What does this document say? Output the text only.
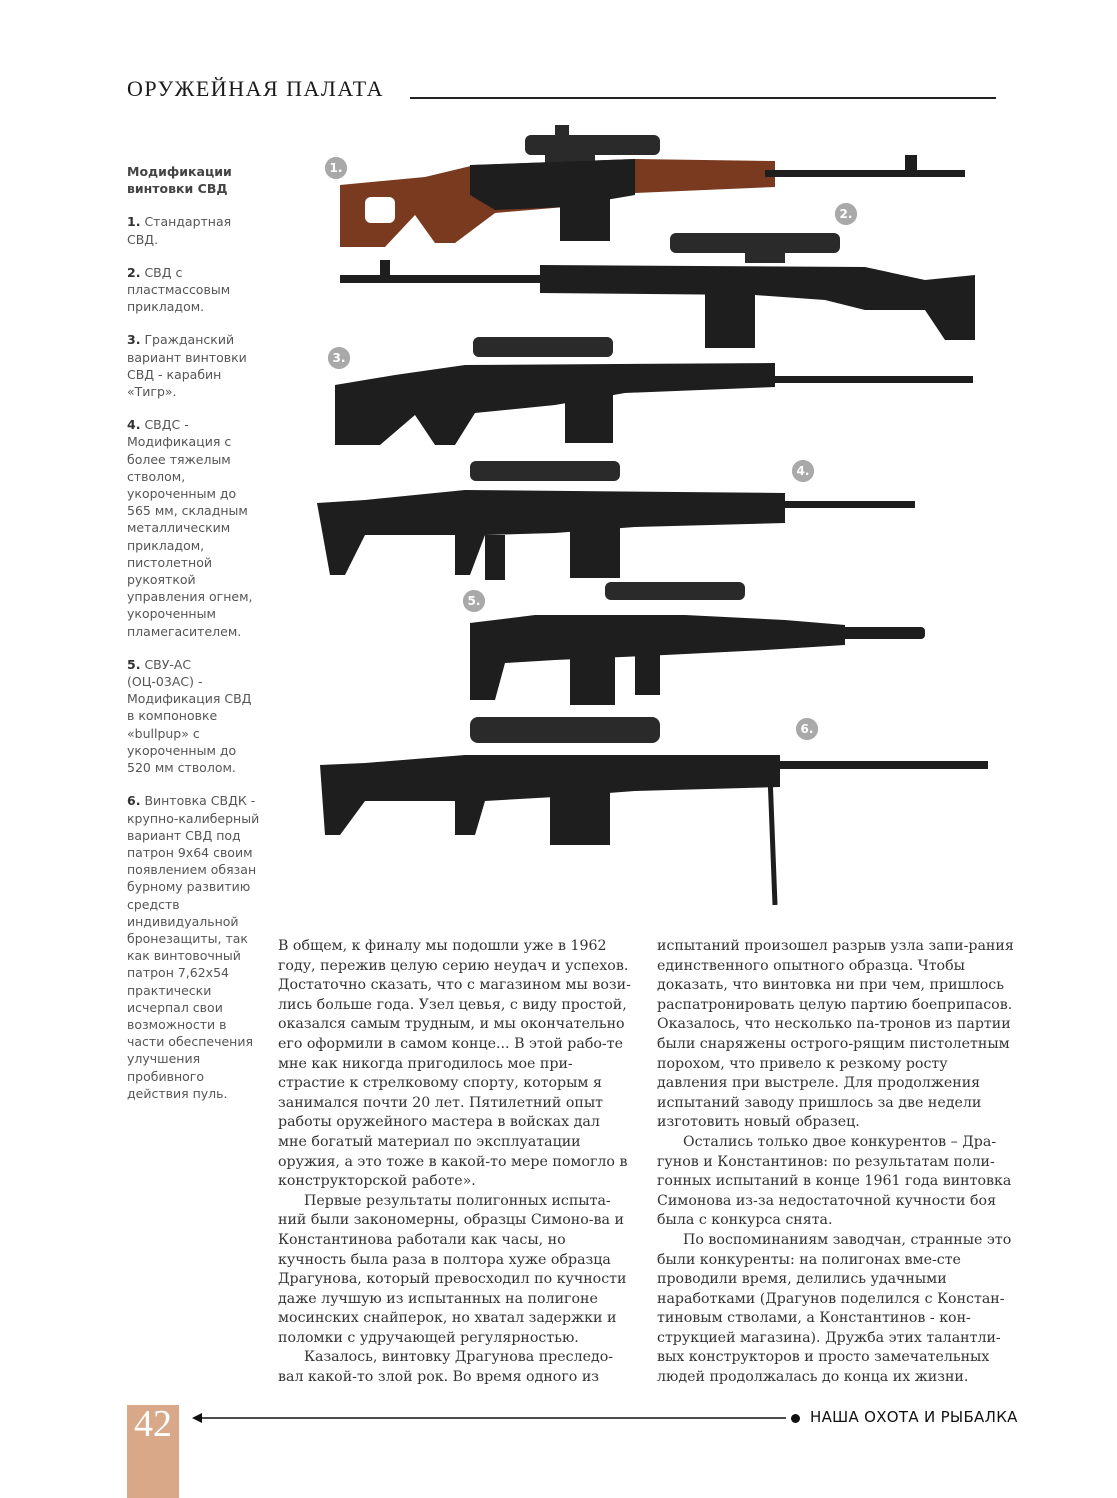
ОРУЖЕЙНАЯ ПАЛАТА
Модификации винтовки СВД
1. Стандартная СВД.
2. СВД с пластмассовым прикладом.
3. Гражданский вариант винтовки СВД - карабин «Тигр».
4. СВДС - Модификация с более тяжелым стволом, укороченным до 565 мм, складным металлическим прикладом, пистолетной рукояткой управления огнем, укороченным пламегасителем.
5. СВУ-АС (ОЦ-03АС) - Модификация СВД в компоновке «bullpup» с укороченным до 520 мм стволом.
6. Винтовка СВДК - крупно-калиберный вариант СВД под патрон 9х64 своим появлением обязан бурному развитию средств индивидуальной бронезащиты, так как винтовочный патрон 7,62х54 практически исчерпал свои возможности в части обеспечения улучшения пробивного действия пуль.
1.
2.
3.
4.
5.
6.

В общем, к финалу мы подошли уже в 1962 году, пережив целую серию неудач и успехов. Достаточно сказать, что с магазином мы вози-лись больше года. Узел цевья, с виду простой, оказался самым трудным, и мы окончательно его оформили в самом конце... В этой рабо-те мне как никогда пригодилось мое при-страстие к стрелковому спорту, которым я занимался почти 20 лет. Пятилетний опыт работы оружейного мастера в войсках дал мне богатый материал по эксплуатации оружия, а это тоже в какой-то мере помогло в конструкторской работе».

Первые результаты полигонных испыта-ний были закономерны, образцы Симоно-ва и Константинова работали как часы, но кучность была раза в полтора хуже образца Драгунова, который превосходил по кучности даже лучшую из испытанных на полигоне мосинских снайперок, но хватал задержки и поломки с удручающей регулярностью.

Казалось, винтовку Драгунова преследо-вал какой-то злой рок. Во время одного из

испытаний произошел разрыв узла запи-рания единственного опытного образца. Чтобы доказать, что винтовка ни при чем, пришлось распатронировать целую партию боеприпасов. Оказалось, что несколько па-тронов из партии были снаряжены острого-рящим пистолетным порохом, что привело к резкому росту давления при выстреле. Для продолжения испытаний заводу пришлось за две недели изготовить новый образец.

Остались только двое конкурентов – Дра-гунов и Константинов: по результатам поли-гонных испытаний в конце 1961 года винтовка Симонова из-за недостаточной кучности боя была с конкурса снята.

По воспоминаниям заводчан, странные это были конкуренты: на полигонах вме-сте проводили время, делились удачными наработками (Драгунов поделился с Констан-тиновым стволами, а Константинов - кон-струкцией магазина). Дружба этих талантли-вых конструкторов и просто замечательных людей продолжалась до конца их жизни.

42	НАША ОХОТА И РЫБАЛКА
